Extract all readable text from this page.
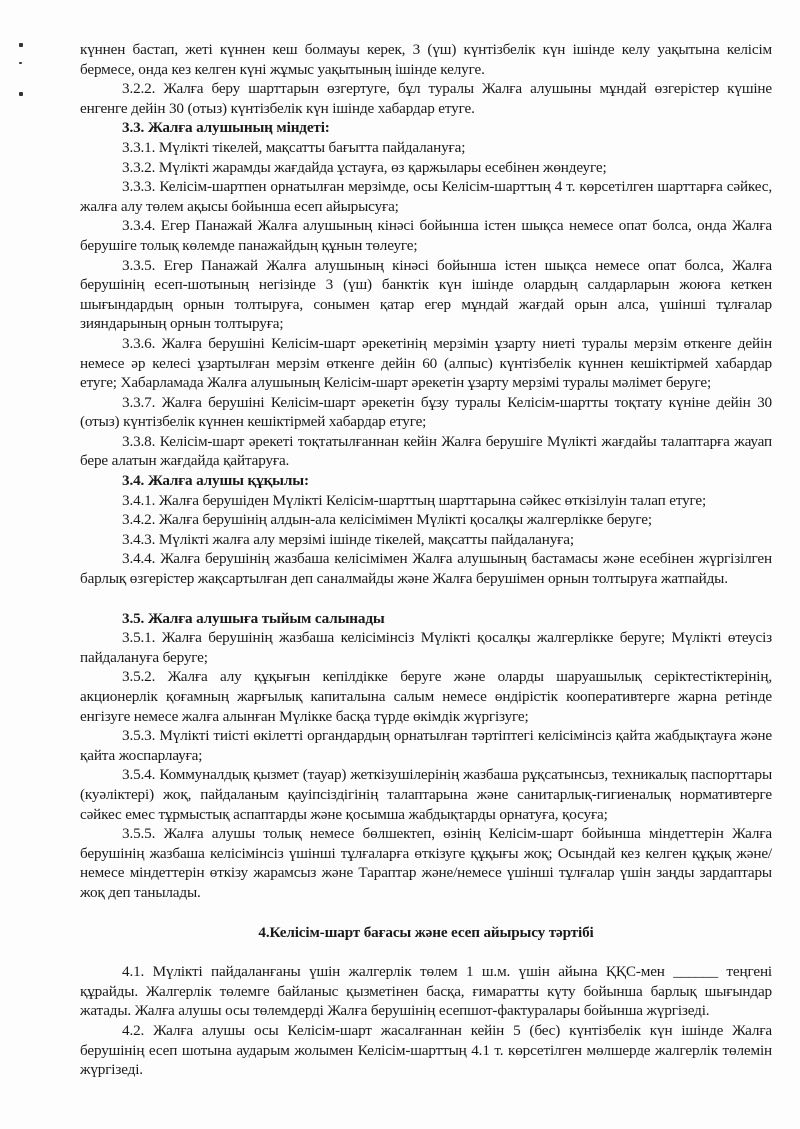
күннен бастап, жеті күннен кеш болмауы керек, 3 (үш) күнтізбелік күн ішінде келу уақытына келісім бермесе, онда кез келген күні жұмыс уақытының ішінде келуге.

3.2.2. Жалға беру шарттарын өзгертуге, бұл туралы Жалға алушыны мұндай өзгерістер күшіне енгенге дейін 30 (отыз) күнтізбелік күн ішінде хабардар етуге.

3.3. Жалға алушының міндеті:

3.3.1. Мүлікті тікелей, мақсатты бағытта пайдалануға;

3.3.2. Мүлікті жарамды жағдайда ұстауға, өз қаржылары есебінен жөндеуге;

3.3.3. Келісім-шартпен орнатылған мерзімде, осы Келісім-шарттың 4 т. көрсетілген шарттарға сәйкес, жалға алу төлем ақысы бойынша есеп айырысуға;

3.3.4. Егер Панажай Жалға алушының кінәсі бойынша істен шықса немесе опат болса, онда Жалға берушіге толық көлемде панажайдың құнын төлеуге;

3.3.5. Егер Панажай Жалға алушының кінәсі бойынша істен шықса немесе опат болса, Жалға берушінің есеп-шотының негізінде 3 (үш) банктік күн ішінде олардың салдарларын жоюға кеткен шығындардың орнын толтыруға, сонымен қатар егер мұндай жағдай орын алса, үшінші тұлғалар зияндарының орнын толтыруға;

3.3.6. Жалға берушіні Келісім-шарт әрекетінің мерзімін ұзарту ниеті туралы мерзім өткенге дейін немесе әр келесі ұзартылған мерзім өткенге дейін 60 (алпыс) күнтізбелік күннен кешіктірмей хабардар етуге; Хабарламада Жалға алушының Келісім-шарт әрекетін ұзарту мерзімі туралы мәлімет беруге;

3.3.7. Жалға берушіні Келісім-шарт әрекетін бұзу туралы Келісім-шартты тоқтату күніне дейін 30 (отыз) күнтізбелік күннен кешіктірмей хабардар етуге;

3.3.8. Келісім-шарт әрекеті тоқтатылғаннан кейін Жалға берушіге Мүлікті жағдайы талаптарға жауап бере алатын жағдайда қайтаруға.

3.4. Жалға алушы құқылы:

3.4.1. Жалға берушіден Мүлікті Келісім-шарттың шарттарына сәйкес өткізілуін талап етуге;

3.4.2. Жалға берушінің алдын-ала келісімімен Мүлікті қосалқы жалгерлікке беруге;

3.4.3. Мүлікті жалға алу мерзімі ішінде тікелей, мақсатты пайдалануға;

3.4.4. Жалға берушінің жазбаша келісімімен Жалға алушының бастамасы және есебінен жүргізілген барлық өзгерістер жақсартылған деп саналмайды және Жалға берушімен орнын толтыруға жатпайды.

3.5. Жалға алушыға тыйым салынады

3.5.1. Жалға берушінің жазбаша келісімінсіз Мүлікті қосалқы жалгерлікке беруге; Мүлікті өтеусіз пайдалануға беруге;

3.5.2. Жалға алу құқығын кепілдікке беруге және оларды шаруашылық серіктестіктерінің, акционерлік қоғамның жарғылық капиталына салым немесе өндірістік кооперативтерге жарна ретінде енгізуге немесе жалға алынған Мүлікке басқа түрде өкімдік жүргізуге;

3.5.3. Мүлікті тиісті өкілетті органдардың орнатылған тәртіптегі келісімінсіз қайта жабдықтауға және қайта жоспарлауға;

3.5.4. Коммуналдық қызмет (тауар) жеткізушілерінің жазбаша рұқсатынсыз, техникалық паспорттары (куәліктері) жоқ, пайдаланым қауіпсіздігінің талаптарына және санитарлық-гигиеналық нормативтерге сәйкес емес тұрмыстық аспаптарды және қосымша жабдықтарды орнатуға, қосуға;

3.5.5. Жалға алушы толық немесе бөлшектеп, өзінің Келісім-шарт бойынша міндеттерін Жалға берушінің жазбаша келісімінсіз үшінші тұлғаларға өткізуге құқығы жоқ; Осындай кез келген құқық және/немесе міндеттерін өткізу жарамсыз және Тараптар және/немесе үшінші тұлғалар үшін заңды зардаптары жоқ деп танылады.

4.Келісім-шарт бағасы және есеп айырысу тәртібі

4.1. Мүлікті пайдаланғаны үшін жалгерлік төлем 1 ш.м. үшін айына ҚҚС-мен ______ теңгені құрайды. Жалгерлік төлемге байланыс қызметінен басқа, ғимаратты күту бойынша барлық шығындар жатады. Жалға алушы осы төлемдерді Жалға берушінің есепшот-фактуралары бойынша жүргізеді.

4.2. Жалға алушы осы Келісім-шарт жасалғаннан кейін 5 (бес) күнтізбелік күн ішінде Жалға берушінің есеп шотына аударым жолымен Келісім-шарттың 4.1 т. көрсетілген мөлшерде жалгерлік төлемін жүргізеді.
